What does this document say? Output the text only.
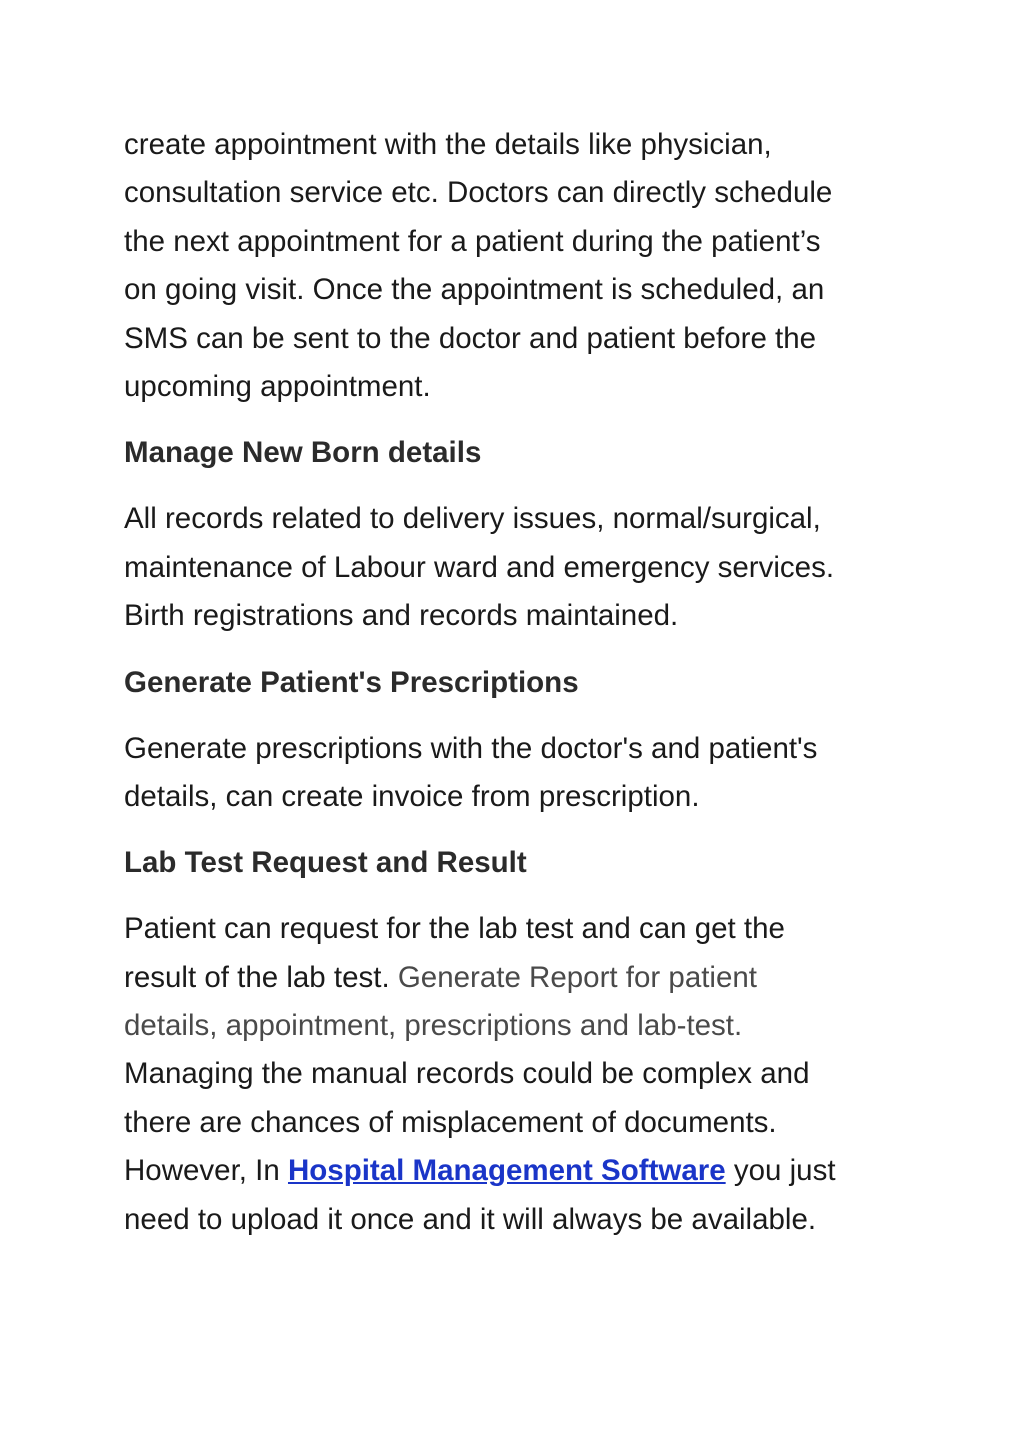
create appointment with the details like physician,
consultation service etc. Doctors can directly schedule
the next appointment for a patient during the patient’s
on going visit. Once the appointment is scheduled, an
SMS can be sent to the doctor and patient before the
upcoming appointment.
Manage New Born details
All records related to delivery issues, normal/surgical,
maintenance of Labour ward and emergency services.
Birth registrations and records maintained.
Generate Patient's Prescriptions
Generate prescriptions with the doctor's and patient's
details, can create invoice from prescription.
Lab Test Request and Result
Patient can request for the lab test and can get the
result of the lab test. Generate Report for patient
details, appointment, prescriptions and lab-test.
Managing the manual records could be complex and
there are chances of misplacement of documents.
However, In Hospital Management Software you just
need to upload it once and it will always be available.
